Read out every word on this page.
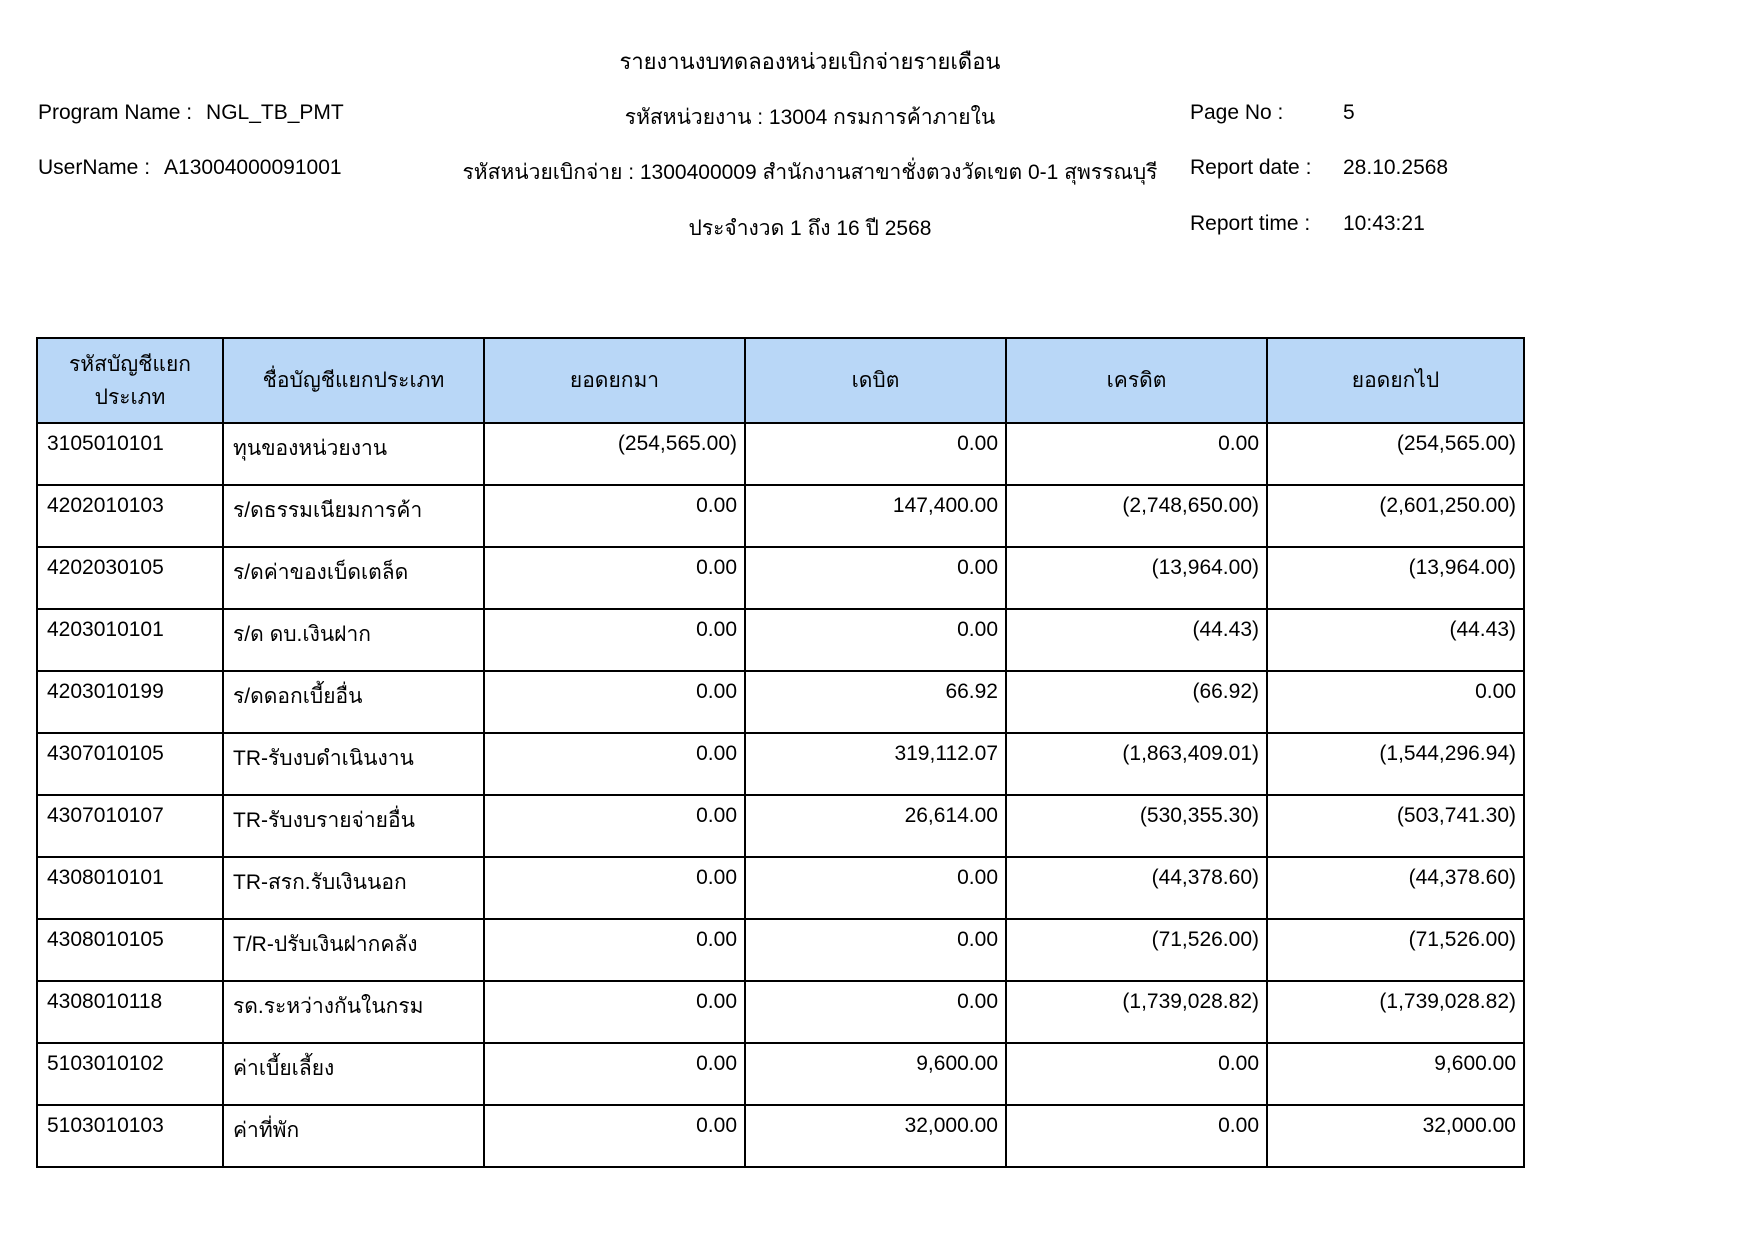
รายงานงบทดลองหน่วยเบิกจ่ายรายเดือน
Program Name : NGL_TB_PMT	รหัสหน่วยงาน : 13004 กรมการค้าภายใน	Page No :	5
UserName : A13004000091001	รหัสหน่วยเบิกจ่าย : 1300400009 สำนักงานสาขาชั่งตวงวัดเขต 0-1 สุพรรณบุรี	Report date : 28.10.2568
ประจำงวด 1 ถึง 16 ปี 2568	Report time : 10:43:21
รหัสบัญชีแยกประเภท	ชื่อบัญชีแยกประเภท	ยอดยกมา	เดบิต	เครดิต	ยอดยกไป
3105010101	ทุนของหน่วยงาน	(254,565.00)	0.00	0.00	(254,565.00)
4202010103	ร/ดธรรมเนียมการค้า	0.00	147,400.00	(2,748,650.00)	(2,601,250.00)
4202030105	ร/ดค่าของเบ็ดเตล็ด	0.00	0.00	(13,964.00)	(13,964.00)
4203010101	ร/ด ดบ.เงินฝาก	0.00	0.00	(44.43)	(44.43)
4203010199	ร/ดดอกเบี้ยอื่น	0.00	66.92	(66.92)	0.00
4307010105	TR-รับงบดำเนินงาน	0.00	319,112.07	(1,863,409.01)	(1,544,296.94)
4307010107	TR-รับงบรายจ่ายอื่น	0.00	26,614.00	(530,355.30)	(503,741.30)
4308010101	TR-สรก.รับเงินนอก	0.00	0.00	(44,378.60)	(44,378.60)
4308010105	T/R-ปรับเงินฝากคลัง	0.00	0.00	(71,526.00)	(71,526.00)
4308010118	รด.ระหว่างกันในกรม	0.00	0.00	(1,739,028.82)	(1,739,028.82)
5103010102	ค่าเบี้ยเลี้ยง	0.00	9,600.00	0.00	9,600.00
5103010103	ค่าที่พัก	0.00	32,000.00	0.00	32,000.00
